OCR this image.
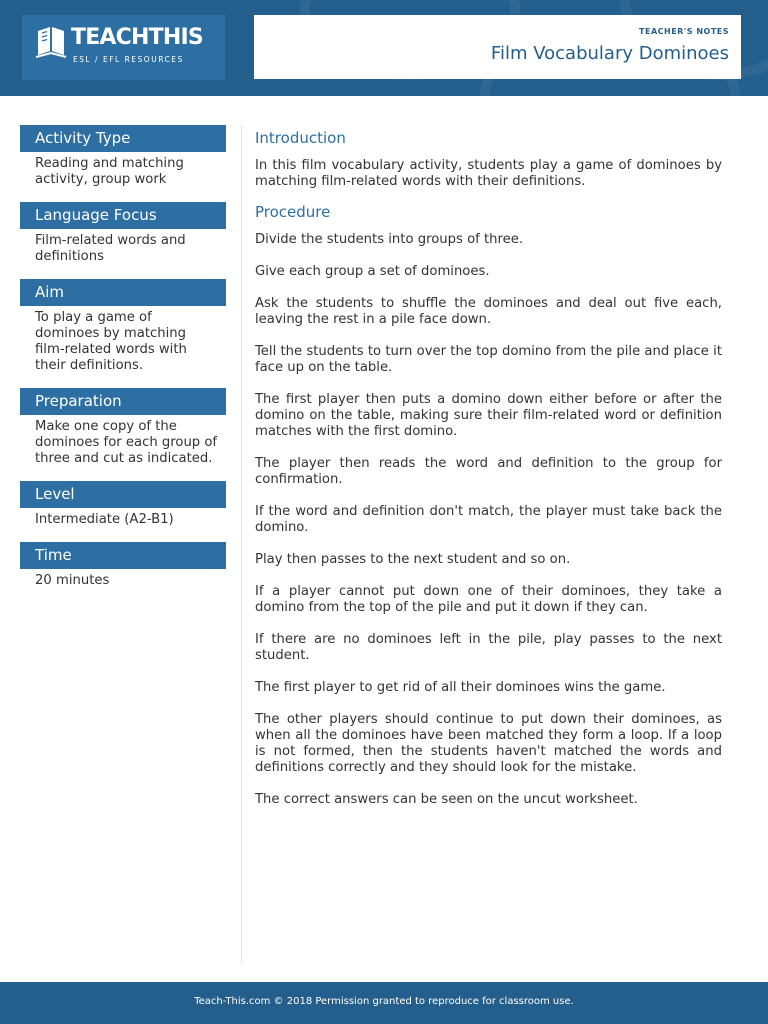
TEACHTHIS
ESL / EFL RESOURCES
TEACHER'S NOTES
Film Vocabulary Dominoes
Activity Type
Reading and matching activity, group work
Language Focus
Film-related words and definitions
Aim
To play a game of dominoes by matching film-related words with their definitions.
Preparation
Make one copy of the dominoes for each group of three and cut as indicated.
Level
Intermediate (A2-B1)
Time
20 minutes
Introduction

In this film vocabulary activity, students play a game of dominoes by matching film-related words with their definitions.

Procedure

Divide the students into groups of three.

Give each group a set of dominoes.

Ask the students to shuffle the dominoes and deal out five each, leaving the rest in a pile face down.

Tell the students to turn over the top domino from the pile and place it face up on the table.

The first player then puts a domino down either before or after the domino on the table, making sure their film-related word or definition matches with the first domino.

The player then reads the word and definition to the group for confirmation.

If the word and definition don't match, the player must take back the domino.

Play then passes to the next student and so on.

If a player cannot put down one of their dominoes, they take a domino from the top of the pile and put it down if they can.

If there are no dominoes left in the pile, play passes to the next student.

The first player to get rid of all their dominoes wins the game.

The other players should continue to put down their dominoes, as when all the dominoes have been matched they form a loop. If a loop is not formed, then the students haven't matched the words and definitions correctly and they should look for the mistake.

The correct answers can be seen on the uncut worksheet.

Teach-This.com © 2018 Permission granted to reproduce for classroom use.
